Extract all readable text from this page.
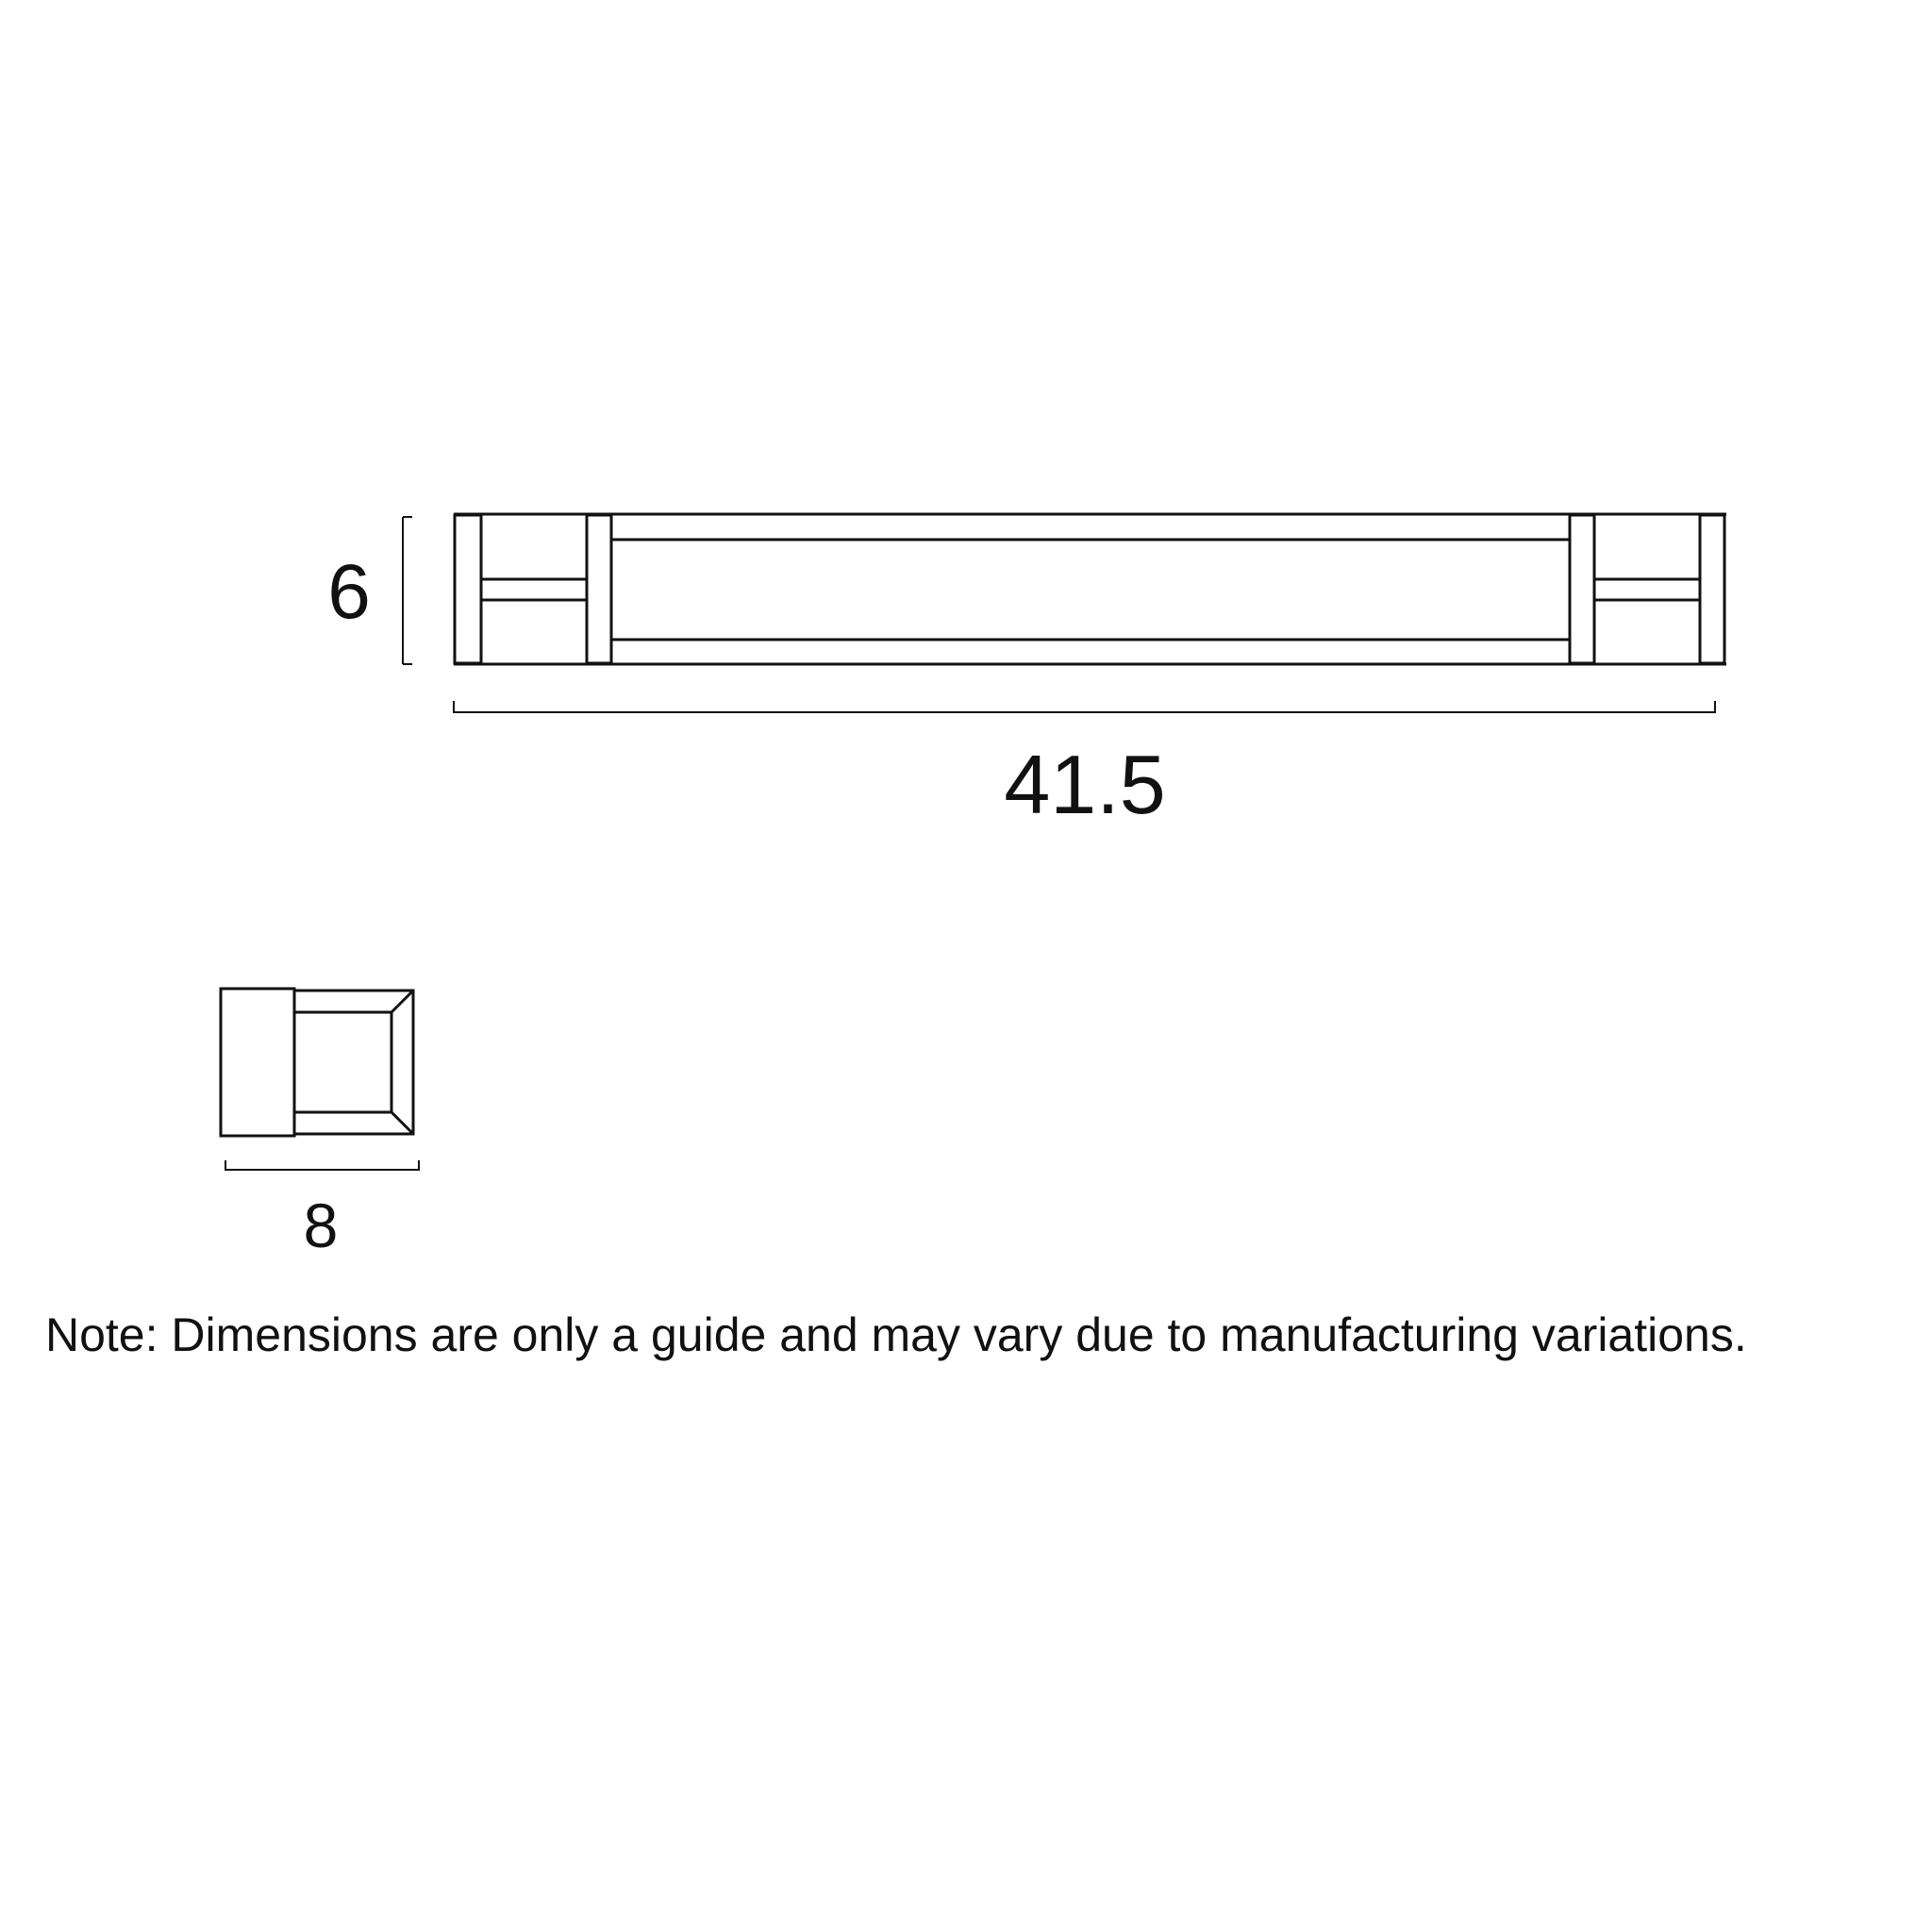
6
41.5
8
Note: Dimensions are only a guide and may vary due to manufacturing variations.
